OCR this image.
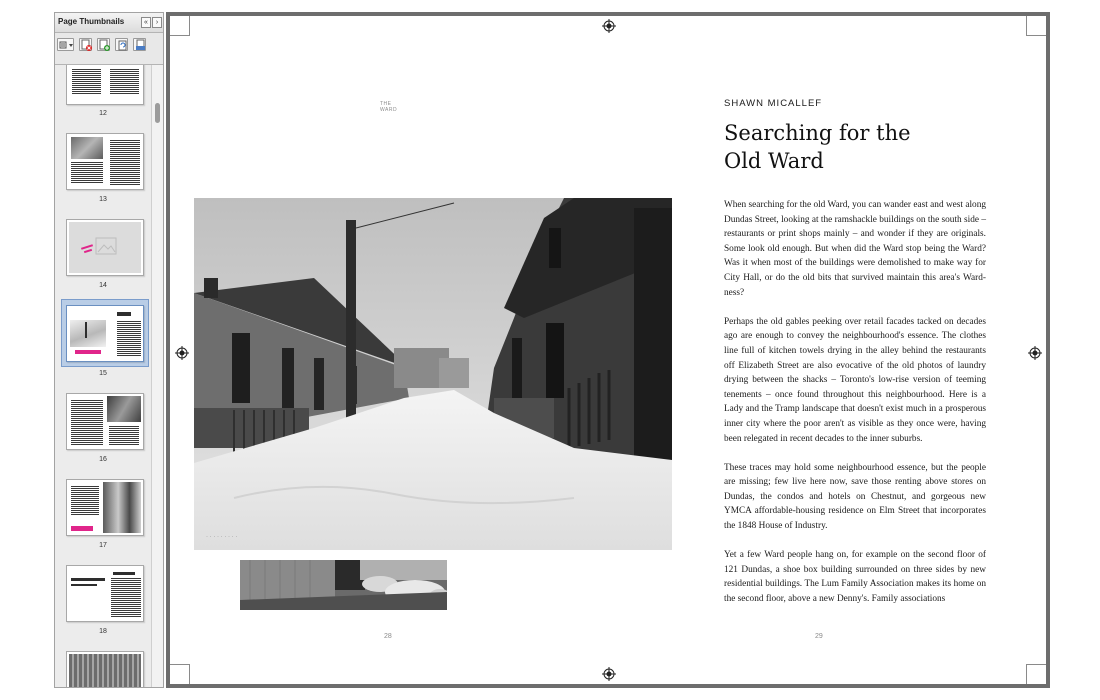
Page Thumbnails	«	›
12
13
14
15
16
17
18
THE WARD
· · · · · · · · ·
28
SHAWN MICALLEF
Searching for the
Old Ward

When searching for the old Ward, you can wander east and west along Dundas Street, looking at the ramshackle buildings on the south side – restaurants or print shops mainly – and wonder if they are originals. Some look old enough. But when did the Ward stop being the Ward? Was it when most of the buildings were demolished to make way for City Hall, or do the old bits that survived maintain this area's Ward-ness?

Perhaps the old gables peeking over retail facades tacked on decades ago are enough to convey the neighbourhood's essence. The clothes line full of kitchen towels drying in the alley behind the restaurants off Elizabeth Street are also evocative of the old photos of laundry drying between the shacks – Toronto's low-rise version of teeming tenements – once found throughout this neighbourhood. Here is a Lady and the Tramp landscape that doesn't exist much in a prosperous inner city where the poor aren't as visible as they once were, having been relegated in recent decades to the inner suburbs.

These traces may hold some neighbourhood essence, but the people are missing; few live here now, save those renting above stores on Dundas, the condos and hotels on Chestnut, and gorgeous new YMCA affordable-housing residence on Elm Street that incorporates the 1848 House of Industry.

Yet a few Ward people hang on, for example on the second floor of 121 Dundas, a shoe box building surrounded on three sides by new residential buildings. The Lum Family Association makes its home on the second floor, above a new Denny's. Family associations

29
